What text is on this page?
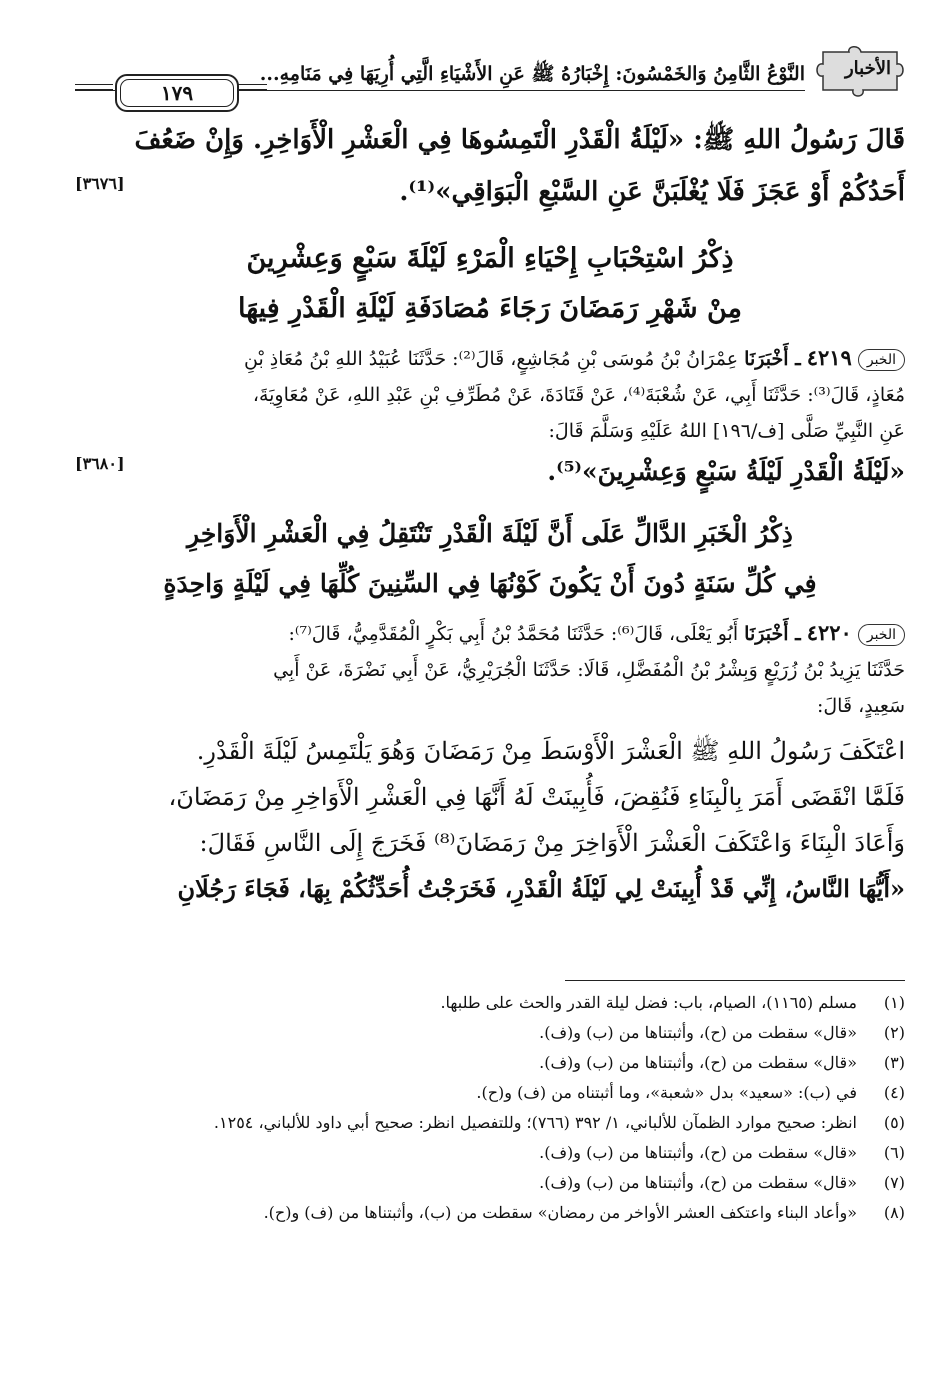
الأخبار
النَّوْعُ الثَّامِنُ وَالخَمْسُونَ: إِخْبَارُهُ ﷺ عَنِ الأَشْيَاءِ الَّتِي أُرِيَهَا فِي مَنَامِهِ...
١٧٩
قَالَ رَسُولُ اللهِ ﷺ: «لَيْلَةُ الْقَدْرِ الْتَمِسُوهَا فِي الْعَشْرِ الْأَوَاخِرِ. وَإِنْ ضَعُفَ
أَحَدُكُمْ أَوْ عَجَزَ فَلَا يُغْلَبَنَّ عَنِ السَّبْعِ الْبَوَاقِي»⁽¹⁾.
[٣٦٧٦]
ذِكْرُ اسْتِحْبَابِ إِحْيَاءِ الْمَرْءِ لَيْلَةَ سَبْعٍ وَعِشْرِينَ
مِنْ شَهْرِ رَمَضَانَ رَجَاءَ مُصَادَفَةِ لَيْلَةِ الْقَدْرِ فِيهَا
الخبر٤٢١٩ ـ أَخْبَرَنَا عِمْرَانُ بْنُ مُوسَى بْنِ مُجَاشِعٍ، قَالَ⁽²⁾: حَدَّثَنَا عُبَيْدُ اللهِ بْنُ مُعَاذِ بْنِ
مُعَاذٍ، قَالَ⁽³⁾: حَدَّثَنَا أَبِي، عَنْ شُعْبَةَ⁽⁴⁾، عَنْ قَتَادَةَ، عَنْ مُطَرِّفِ بْنِ عَبْدِ اللهِ، عَنْ مُعَاوِيَةَ،
عَنِ النَّبِيِّ صَلَّى [ف/١٩٦] اللهُ عَلَيْهِ وَسَلَّمَ قَالَ:
«لَيْلَةُ الْقَدْرِ لَيْلَةُ سَبْعٍ وَعِشْرِينَ»⁽⁵⁾.
[٣٦٨٠]
ذِكْرُ الْخَبَرِ الدَّالِّ عَلَى أَنَّ لَيْلَةَ الْقَدْرِ تَنْتَقِلُ فِي الْعَشْرِ الْأَوَاخِرِ
فِي كُلِّ سَنَةٍ دُونَ أَنْ يَكُونَ كَوْنُهَا فِي السِّنِينَ كُلِّهَا فِي لَيْلَةٍ وَاحِدَةٍ
الخبر٤٢٢٠ ـ أَخْبَرَنَا أَبُو يَعْلَى، قَالَ⁽⁶⁾: حَدَّثَنَا مُحَمَّدُ بْنُ أَبِي بَكْرٍ الْمُقَدَّمِيُّ، قَالَ⁽⁷⁾:
حَدَّثَنَا يَزِيدُ بْنُ زُرَيْعٍ وَبِشْرُ بْنُ الْمُفَضَّلِ، قَالَا: حَدَّثَنَا الْجُرَيْرِيُّ، عَنْ أَبِي نَضْرَةَ، عَنْ أَبِي
سَعِيدٍ، قَالَ:
اعْتَكَفَ رَسُولُ اللهِ ﷺ الْعَشْرَ الْأَوْسَطَ مِنْ رَمَضَانَ وَهُوَ يَلْتَمِسُ لَيْلَةَ الْقَدْرِ.
فَلَمَّا انْقَضَى أَمَرَ بِالْبِنَاءِ فَنُقِضَ، فَأُبِينَتْ لَهُ أَنَّهَا فِي الْعَشْرِ الْأَوَاخِرِ مِنْ رَمَضَانَ،
وَأَعَادَ الْبِنَاءَ وَاعْتَكَفَ الْعَشْرَ الْأَوَاخِرَ مِنْ رَمَضَانَ⁽⁸⁾ فَخَرَجَ إِلَى النَّاسِ فَقَالَ:
«أَيُّهَا النَّاسُ، إِنِّي قَدْ أُبِينَتْ لِي لَيْلَةُ الْقَدْرِ، فَخَرَجْتُ أُحَدِّثُكُمْ بِهَا، فَجَاءَ رَجُلَانِ
(١)
مسلم (١١٦٥)، الصيام، باب: فضل ليلة القدر والحث على طلبها.
(٢)
«قال» سقطت من (ح)، وأثبتناها من (ب) و(ف).
(٣)
«قال» سقطت من (ح)، وأثبتناها من (ب) و(ف).
(٤)
في (ب): «سعيد» بدل «شعبة»، وما أثبتناه من (ف) و(ح).
(٥)
انظر: صحيح موارد الظمآن للألباني، ١/ ٣٩٢ (٧٦٦)؛ وللتفصيل انظر: صحيح أبي داود للألباني، ١٢٥٤.
(٦)
«قال» سقطت من (ح)، وأثبتناها من (ب) و(ف).
(٧)
«قال» سقطت من (ح)، وأثبتناها من (ب) و(ف).
(٨)
«وأعاد البناء واعتكف العشر الأواخر من رمضان» سقطت من (ب)، وأثبتناها من (ف) و(ح).
